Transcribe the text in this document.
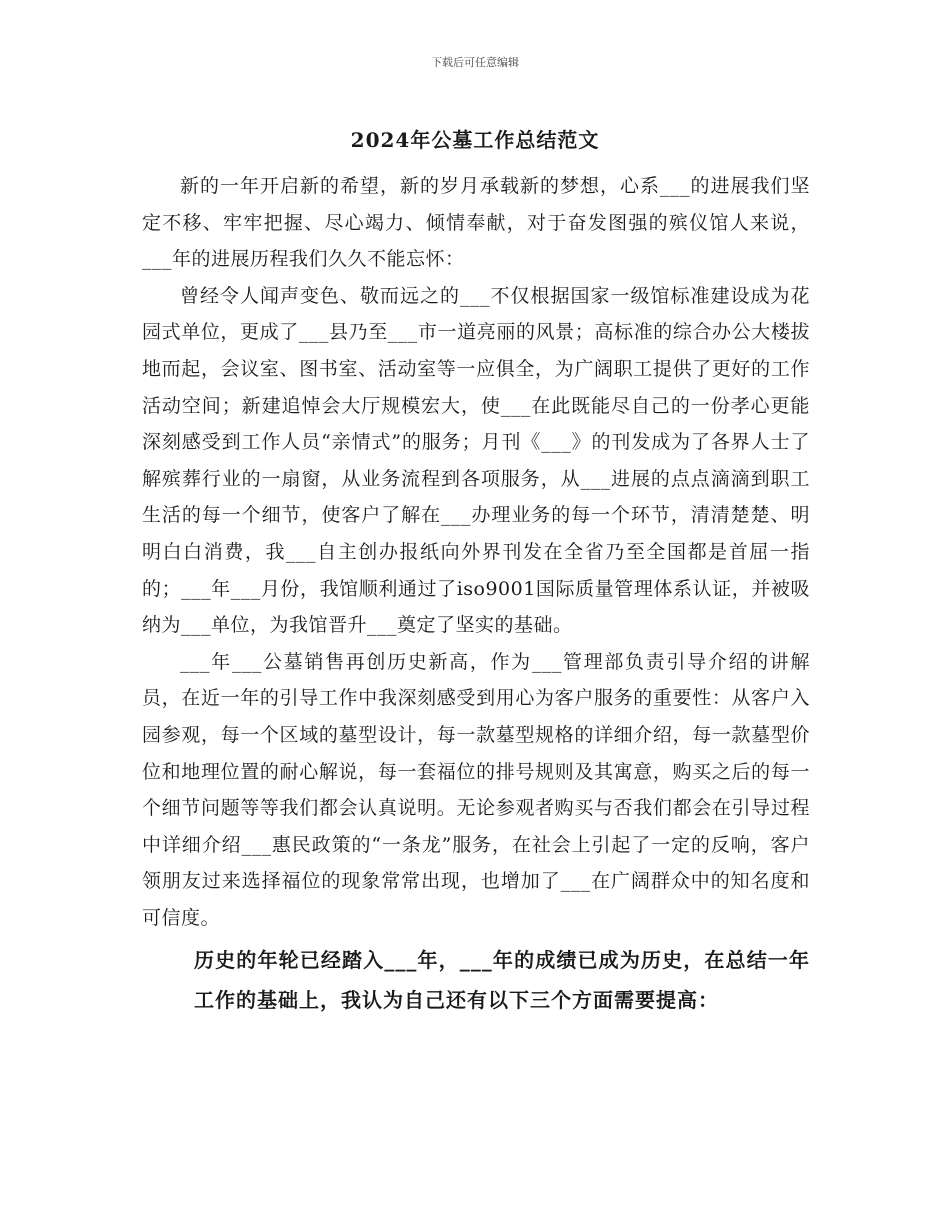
下载后可任意编辑
2024年公墓工作总结范文

新的一年开启新的希望，新的岁月承载新的梦想，心系___的进展我们坚定不移、牢牢把握、尽心竭力、倾情奉献，对于奋发图强的殡仪馆人来说，___年的进展历程我们久久不能忘怀：

曾经令人闻声变色、敬而远之的___不仅根据国家一级馆标准建设成为花园式单位，更成了___县乃至___市一道亮丽的风景；高标准的综合办公大楼拔地而起，会议室、图书室、活动室等一应俱全，为广阔职工提供了更好的工作活动空间；新建追悼会大厅规模宏大，使___在此既能尽自己的一份孝心更能深刻感受到工作人员“亲情式”的服务；月刊《___》的刊发成为了各界人士了解殡葬行业的一扇窗，从业务流程到各项服务，从___进展的点点滴滴到职工生活的每一个细节，使客户了解在___办理业务的每一个环节，清清楚楚、明明白白消费，我___自主创办报纸向外界刊发在全省乃至全国都是首屈一指的；___年___月份，我馆顺利通过了iso9001国际质量管理体系认证，并被吸纳为___单位，为我馆晋升___奠定了坚实的基础。

___年___公墓销售再创历史新高，作为___管理部负责引导介绍的讲解员，在近一年的引导工作中我深刻感受到用心为客户服务的重要性：从客户入园参观，每一个区域的墓型设计，每一款墓型规格的详细介绍，每一款墓型价位和地理位置的耐心解说，每一套福位的排号规则及其寓意，购买之后的每一个细节问题等等我们都会认真说明。无论参观者购买与否我们都会在引导过程中详细介绍___惠民政策的“一条龙”服务，在社会上引起了一定的反响，客户领朋友过来选择福位的现象常常出现，也增加了___在广阔群众中的知名度和可信度。

历史的年轮已经踏入___年，___年的成绩已成为历史，在总结一年工作的基础上，我认为自己还有以下三个方面需要提高：
